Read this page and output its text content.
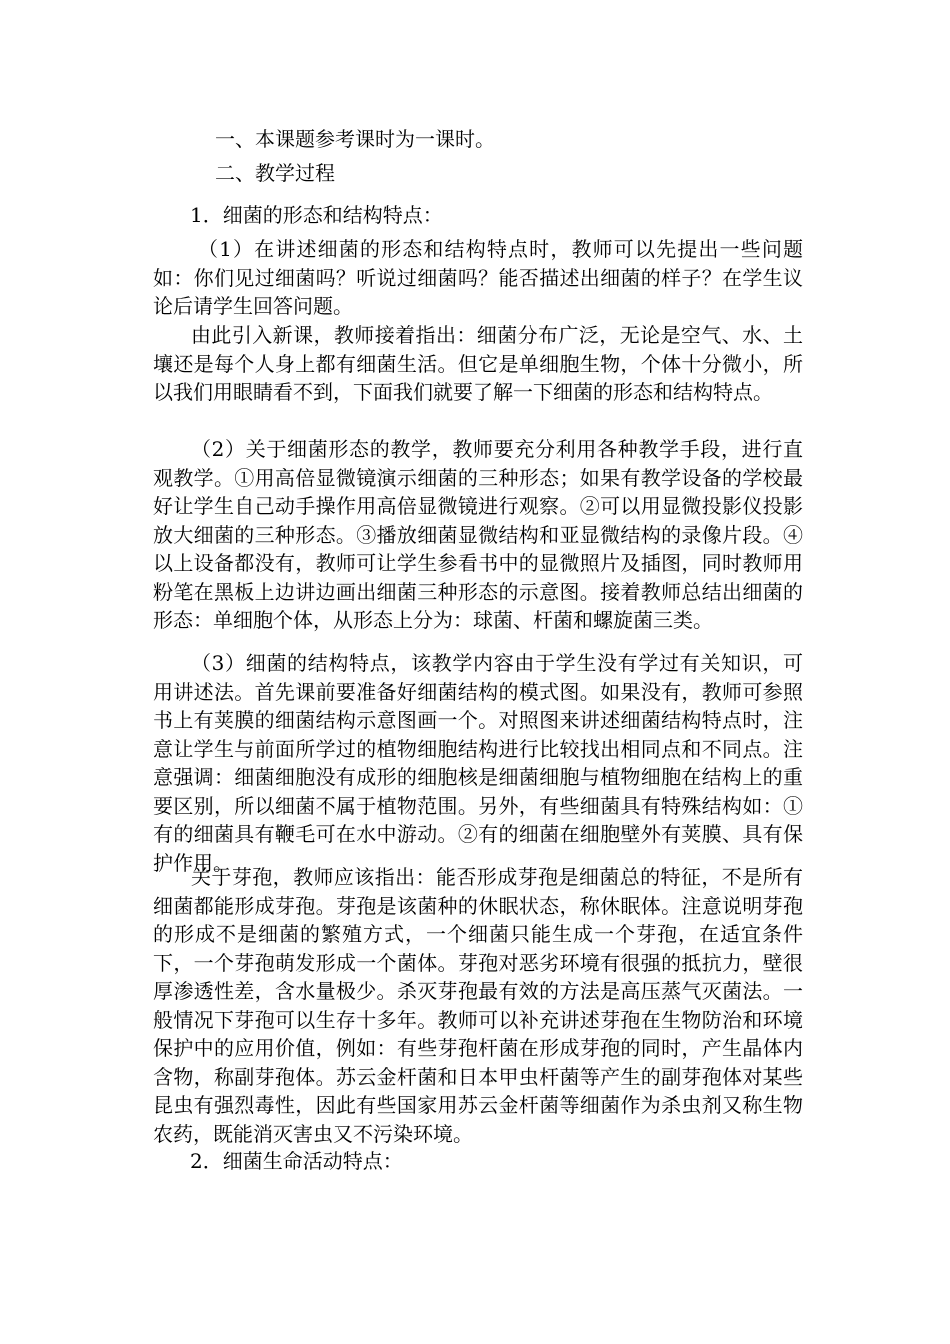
一、本课题参考课时为一课时。
二、教学过程
1．细菌的形态和结构特点：
（1）在讲述细菌的形态和结构特点时，教师可以先提出一些问题如：你们见过细菌吗？听说过细菌吗？能否描述出细菌的样子？在学生议论后请学生回答问题。
由此引入新课，教师接着指出：细菌分布广泛，无论是空气、水、土壤还是每个人身上都有细菌生活。但它是单细胞生物，个体十分微小，所以我们用眼睛看不到，下面我们就要了解一下细菌的形态和结构特点。
（2）关于细菌形态的教学，教师要充分利用各种教学手段，进行直观教学。①用高倍显微镜演示细菌的三种形态；如果有教学设备的学校最好让学生自己动手操作用高倍显微镜进行观察。②可以用显微投影仪投影放大细菌的三种形态。③播放细菌显微结构和亚显微结构的录像片段。④以上设备都没有，教师可让学生参看书中的显微照片及插图，同时教师用粉笔在黑板上边讲边画出细菌三种形态的示意图。接着教师总结出细菌的形态：单细胞个体，从形态上分为：球菌、杆菌和螺旋菌三类。
（3）细菌的结构特点，该教学内容由于学生没有学过有关知识，可用讲述法。首先课前要准备好细菌结构的模式图。如果没有，教师可参照书上有荚膜的细菌结构示意图画一个。对照图来讲述细菌结构特点时，注意让学生与前面所学过的植物细胞结构进行比较找出相同点和不同点。注意强调：细菌细胞没有成形的细胞核是细菌细胞与植物细胞在结构上的重要区别，所以细菌不属于植物范围。另外，有些细菌具有特殊结构如：①有的细菌具有鞭毛可在水中游动。②有的细菌在细胞壁外有荚膜、具有保护作用。
关于芽孢，教师应该指出：能否形成芽孢是细菌总的特征，不是所有细菌都能形成芽孢。芽孢是该菌种的休眠状态，称休眠体。注意说明芽孢的形成不是细菌的繁殖方式，一个细菌只能生成一个芽孢，在适宜条件下，一个芽孢萌发形成一个菌体。芽孢对恶劣环境有很强的抵抗力，壁很厚渗透性差，含水量极少。杀灭芽孢最有效的方法是高压蒸气灭菌法。一般情况下芽孢可以生存十多年。教师可以补充讲述芽孢在生物防治和环境保护中的应用价值，例如：有些芽孢杆菌在形成芽孢的同时，产生晶体内含物，称副芽孢体。苏云金杆菌和日本甲虫杆菌等产生的副芽孢体对某些昆虫有强烈毒性，因此有些国家用苏云金杆菌等细菌作为杀虫剂又称生物农药，既能消灭害虫又不污染环境。
2．细菌生命活动特点：
